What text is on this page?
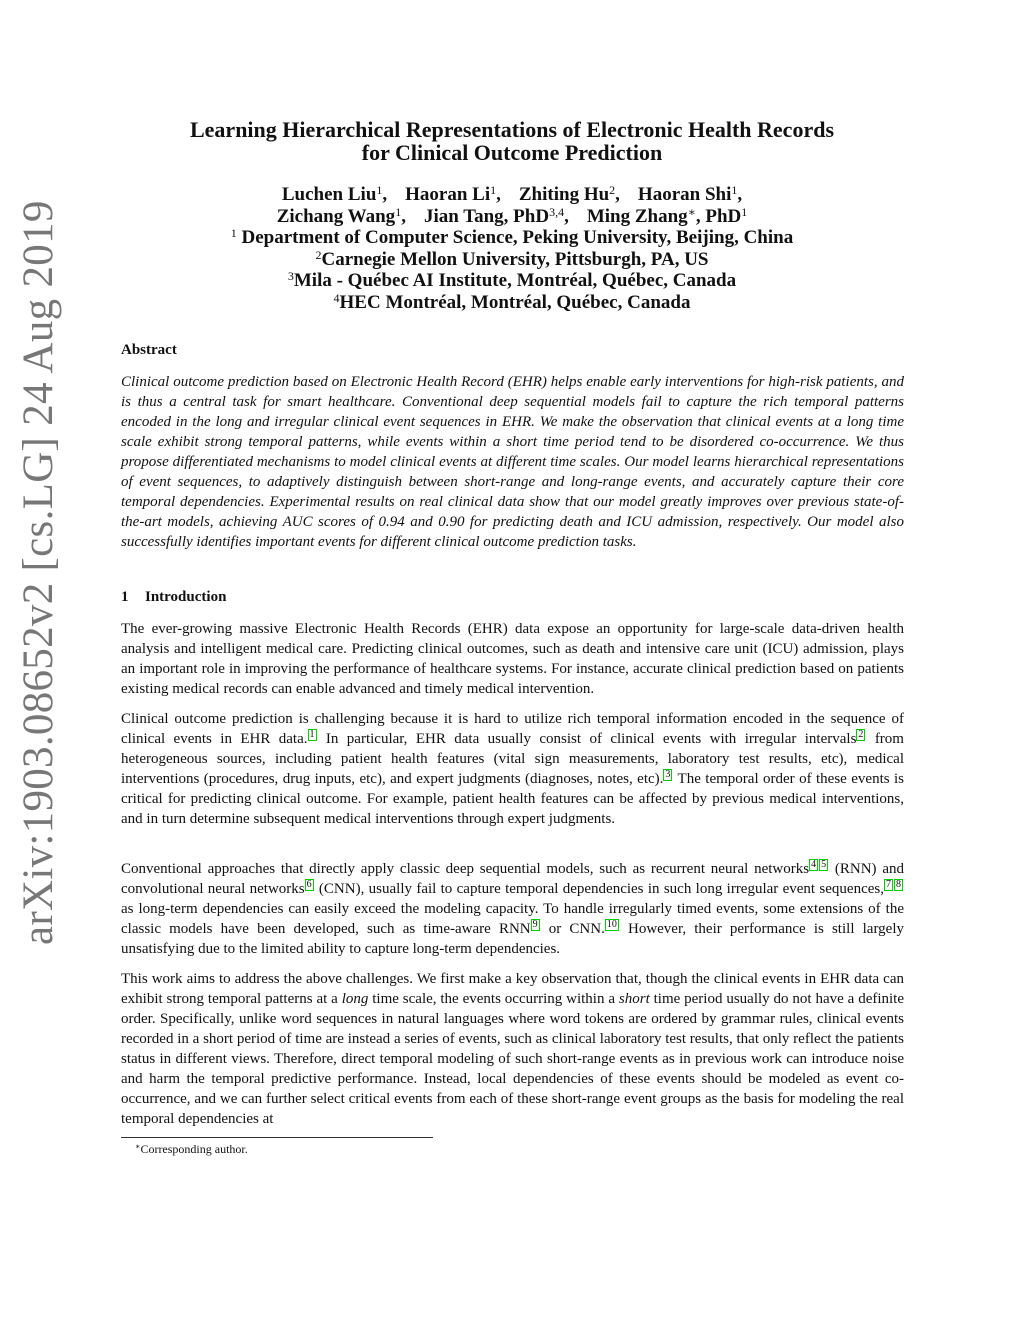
arXiv:1903.08652v2 [cs.LG] 24 Aug 2019
Learning Hierarchical Representations of Electronic Health Records
for Clinical Outcome Prediction
Luchen Liu$^1$, Haoran Li$^1$, Zhiting Hu$^2$, Haoran Shi$^1$,
Zichang Wang$^1$, Jian Tang, PhD$^{3,4}$, Ming Zhang∗, PhD$^1$
$^1$ Department of Computer Science, Peking University, Beijing, China
$^2$Carnegie Mellon University, Pittsburgh, PA, US
$^3$Mila - Québec AI Institute, Montréal, Québec, Canada
$^4$HEC Montréal, Montréal, Québec, Canada
Abstract

Clinical outcome prediction based on Electronic Health Record (EHR) helps enable early interventions for high-risk patients, and is thus a central task for smart healthcare. Conventional deep sequential models fail to capture the rich temporal patterns encoded in the long and irregular clinical event sequences in EHR. We make the observation that clinical events at a long time scale exhibit strong temporal patterns, while events within a short time period tend to be disordered co-occurrence. We thus propose differentiated mechanisms to model clinical events at different time scales. Our model learns hierarchical representations of event sequences, to adaptively distinguish between short-range and long-range events, and accurately capture their core temporal dependencies. Experimental results on real clinical data show that our model greatly improves over previous state-of-the-art models, achieving AUC scores of 0.94 and 0.90 for predicting death and ICU admission, respectively. Our model also successfully identifies important events for different clinical outcome prediction tasks.

1 Introduction

The ever-growing massive Electronic Health Records (EHR) data expose an opportunity for large-scale data-driven health analysis and intelligent medical care. Predicting clinical outcomes, such as death and intensive care unit (ICU) admission, plays an important role in improving the performance of healthcare systems. For instance, accurate clinical prediction based on patients existing medical records can enable advanced and timely medical intervention.

Clinical outcome prediction is challenging because it is hard to utilize rich temporal information encoded in the sequence of clinical events in EHR data. 1 In particular, EHR data usually consist of clinical events with irregular intervals 2 from heterogeneous sources, including patient health features (vital sign measurements, laboratory test results, etc), medical interventions (procedures, drug inputs, etc), and expert judgments (diagnoses, notes, etc). 3 The temporal order of these events is critical for predicting clinical outcome. For example, patient health features can be affected by previous medical interventions, and in turn determine subsequent medical interventions through expert judgments.

Conventional approaches that directly apply classic deep sequential models, such as recurrent neural networks 4 5 (RNN) and convolutional neural networks 6 (CNN), usually fail to capture temporal dependencies in such long irregular event sequences, 7 8 as long-term dependencies can easily exceed the modeling capacity. To handle irregularly timed events, some extensions of the classic models have been developed, such as time-aware RNN 9 or CNN. 10 However, their performance is still largely unsatisfying due to the limited ability to capture long-term dependencies.

This work aims to address the above challenges. We first make a key observation that, though the clinical events in EHR data can exhibit strong temporal patterns at a long time scale, the events occurring within a short time period usually do not have a definite order. Specifically, unlike word sequences in natural languages where word tokens are ordered by grammar rules, clinical events recorded in a short period of time are instead a series of events, such as clinical laboratory test results, that only reflect the patients status in different views. Therefore, direct temporal modeling of such short-range events as in previous work can introduce noise and harm the temporal predictive performance. Instead, local dependencies of these events should be modeled as event co-occurrence, and we can further select critical events from each of these short-range event groups as the basis for modeling the real temporal dependencies at

∗Corresponding author.
